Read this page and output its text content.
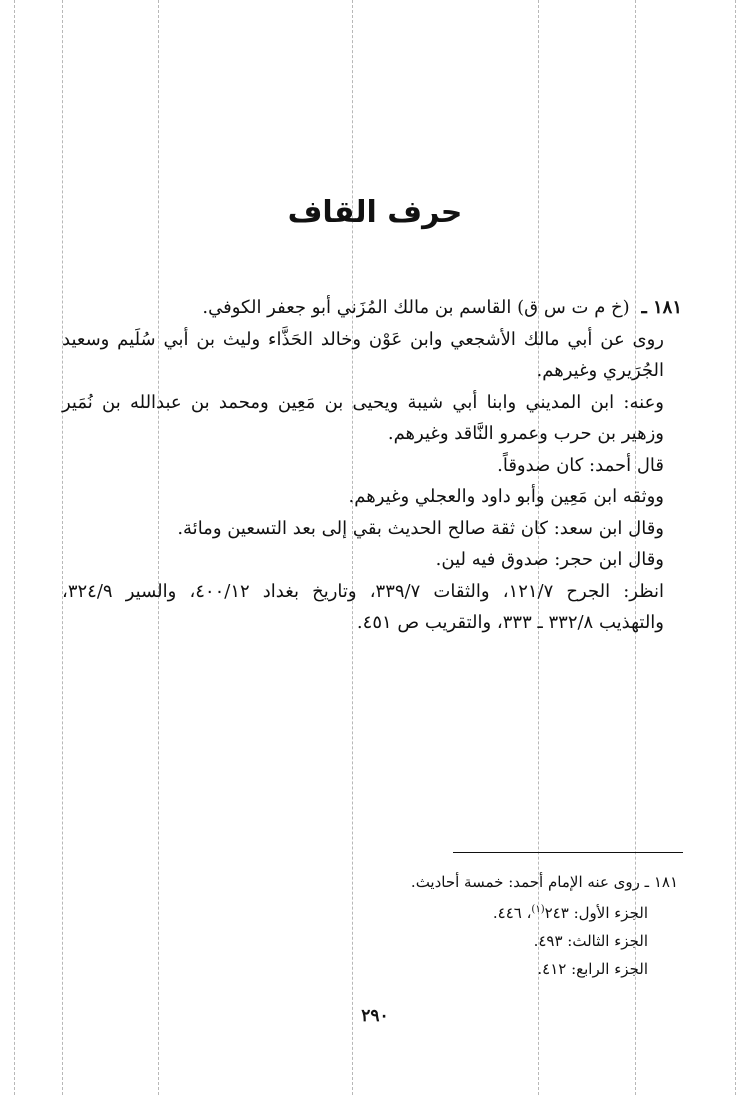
حرف القاف

١٨١ ـ (خ م ت س ق) القاسم بن مالك المُزَني أبو جعفر الكوفي.

روى عن أبي مالك الأشجعي وابن عَوْن وخالد الحَذَّاء وليث بن أبي سُلَيم وسعيد الجُرَيري وغيرهم.

وعنه: ابن المديني وابنا أبي شيبة ويحيى بن مَعِين ومحمد بن عبدالله بن نُمَير وزهير بن حرب وعمرو النَّاقد وغيرهم.

قال أحمد: كان صدوقاً.

ووثقه ابن مَعِين وأبو داود والعجلي وغيرهم.

وقال ابن سعد: كان ثقة صالح الحديث بقي إلى بعد التسعين ومائة.

وقال ابن حجر: صدوق فيه لين.

انظر: الجرح ١٢١/٧، والثقات ٣٣٩/٧، وتاريخ بغداد ٤٠٠/١٢، والسير ٣٢٤/٩، والتهذيب ٣٣٢/٨ ـ ٣٣٣، والتقريب ص ٤٥١.

١٨١ ـ روى عنه الإمام أحمد: خمسة أحاديث.

الجزء الأول: ٢٤٣$^{(١)}$، ٤٤٦.

الجزء الثالث: ٤٩٣.

الجزء الرابع: ٤١٢.

٢٩٠
